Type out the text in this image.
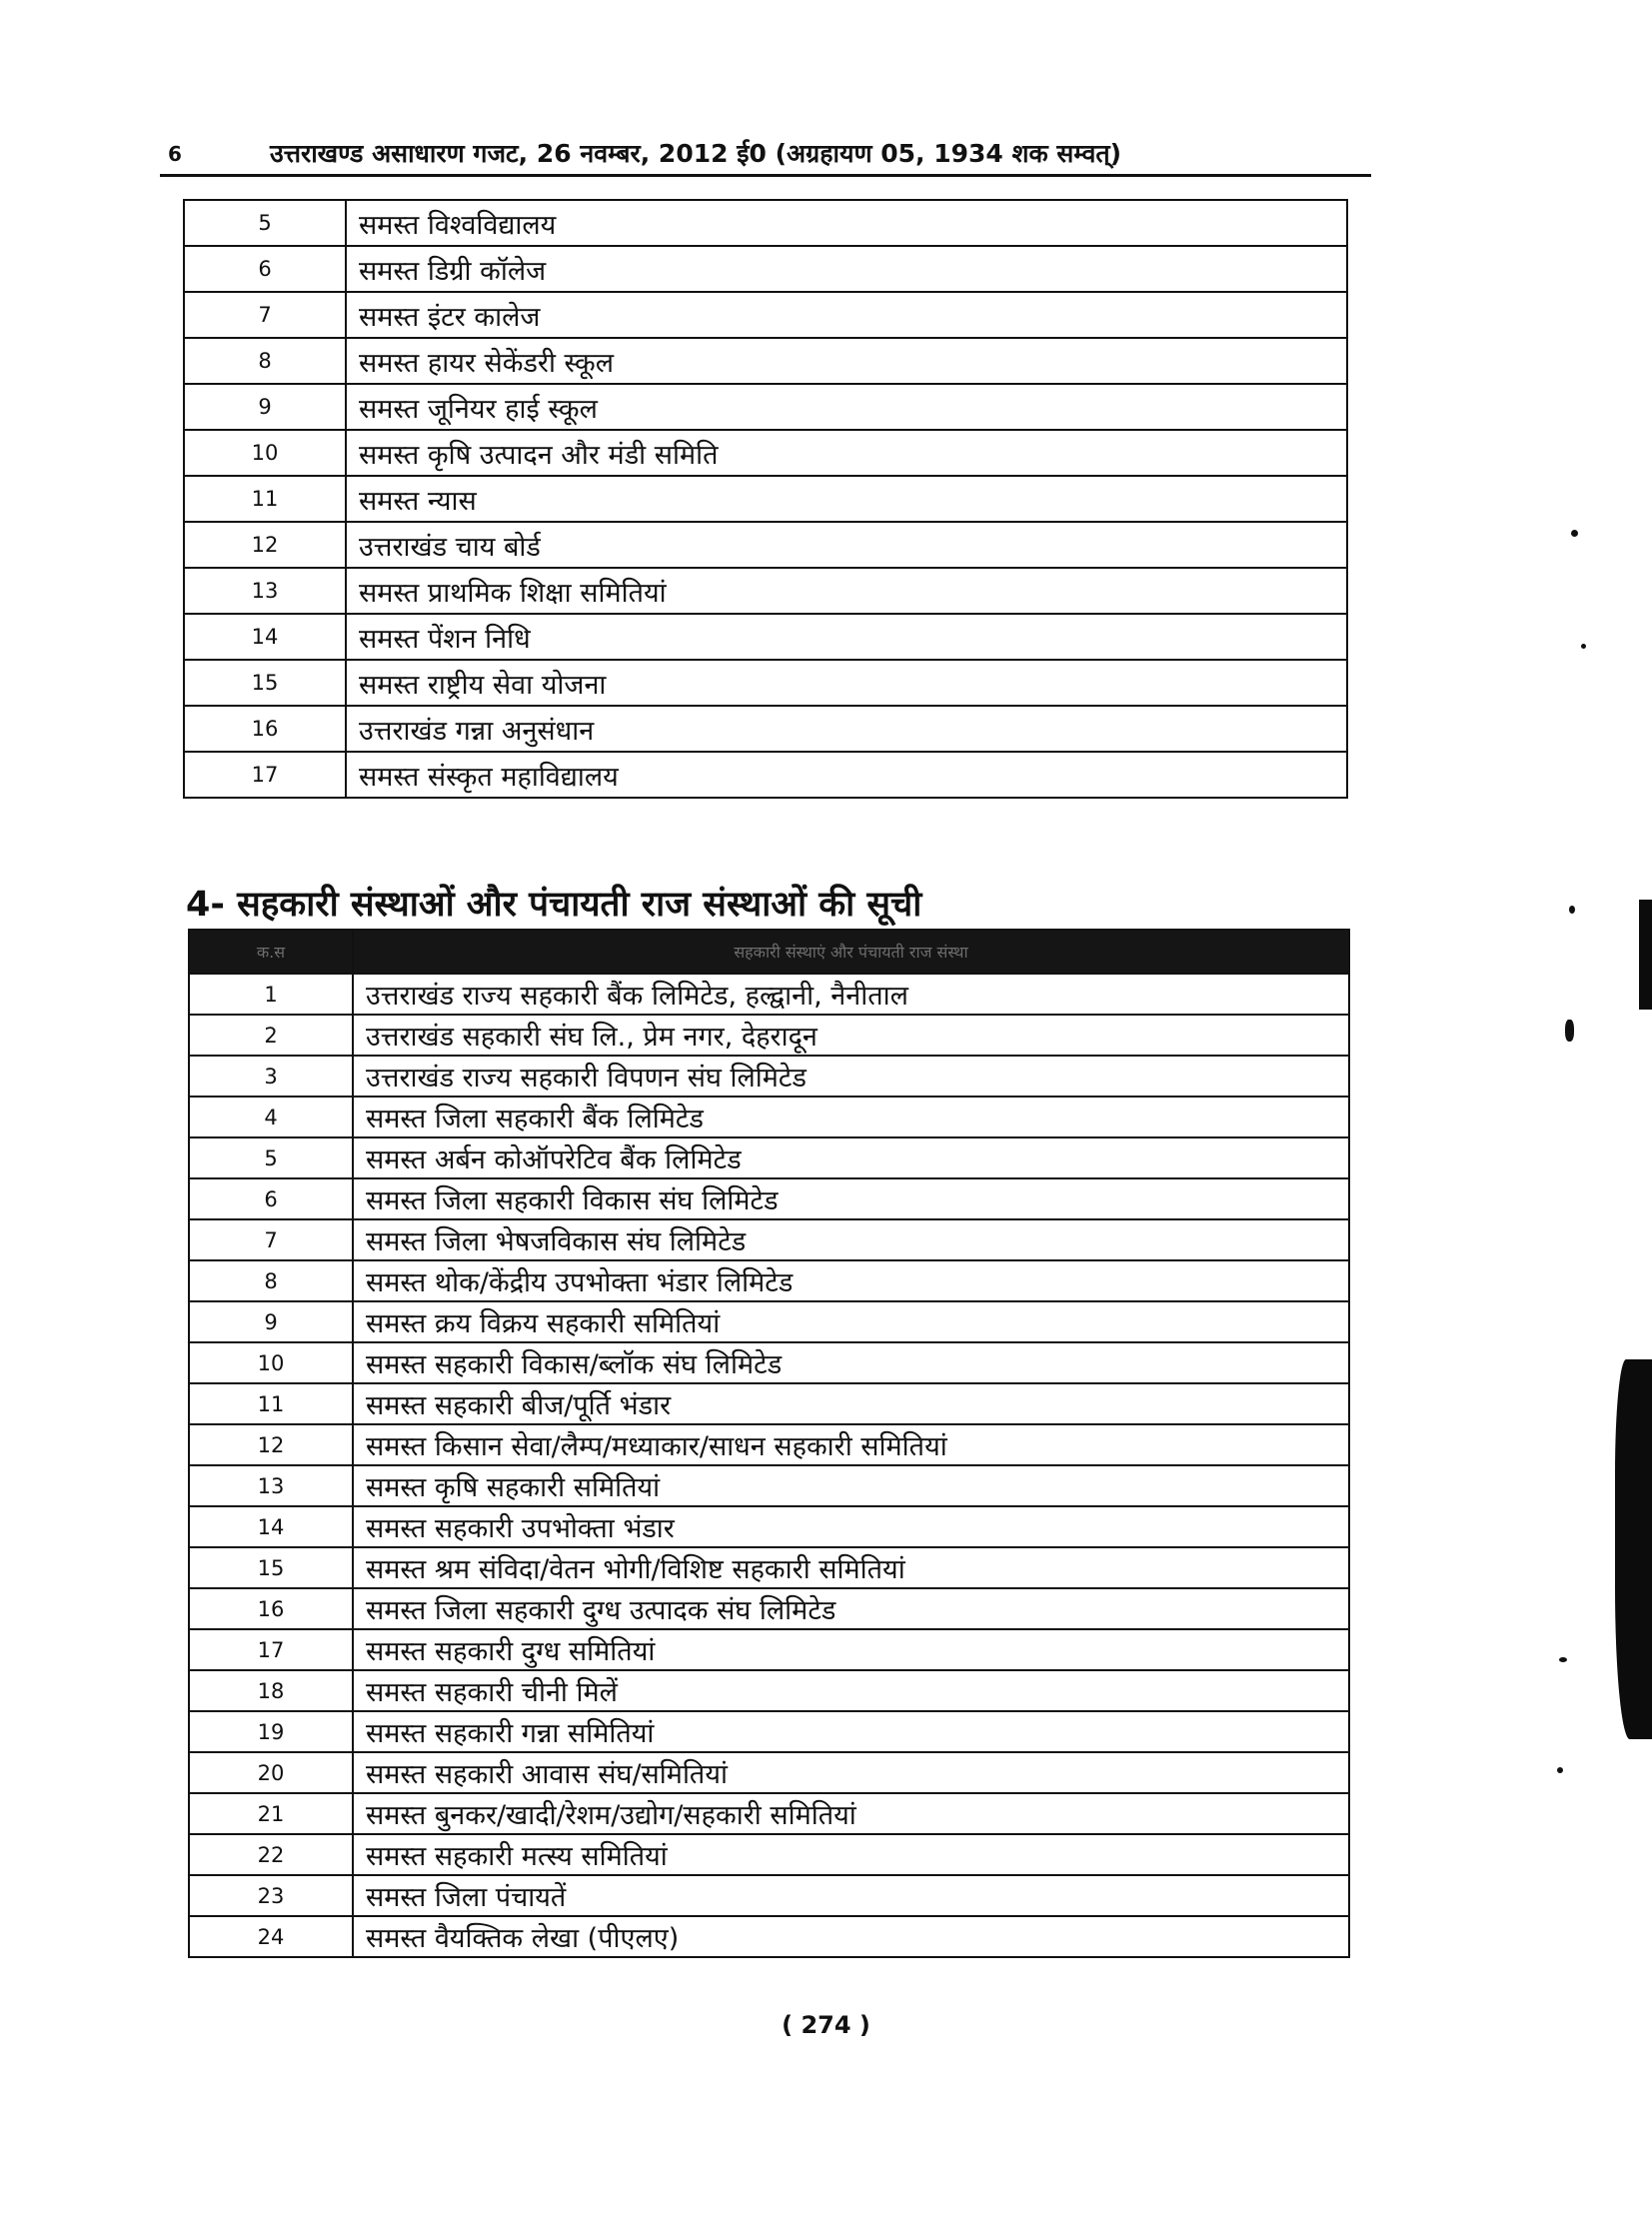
6	उत्तराखण्ड असाधारण गजट, 26 नवम्बर, 2012 ई0 (अग्रहायण 05, 1934 शक सम्वत्)
5	समस्त विश्वविद्यालय
6	समस्त डिग्री कॉलेज
7	समस्त इंटर कालेज
8	समस्त हायर सेकेंडरी स्कूल
9	समस्त जूनियर हाई स्कूल
10	समस्त कृषि उत्पादन और मंडी समिति
11	समस्त न्यास
12	उत्तराखंड चाय बोर्ड
13	समस्त प्राथमिक शिक्षा समितियां
14	समस्त पेंशन निधि
15	समस्त राष्ट्रीय सेवा योजना
16	उत्तराखंड गन्ना अनुसंधान
17	समस्त संस्कृत महाविद्यालय
4- सहकारी संस्थाओं और पंचायती राज संस्थाओं की सूची
क.स	सहकारी संस्थाएं और पंचायती राज संस्था
1	उत्तराखंड राज्य सहकारी बैंक लिमिटेड, हल्द्वानी, नैनीताल
2	उत्तराखंड सहकारी संघ लि., प्रेम नगर, देहरादून
3	उत्तराखंड राज्य सहकारी विपणन संघ लिमिटेड
4	समस्त जिला सहकारी बैंक लिमिटेड
5	समस्त अर्बन कोऑपरेटिव बैंक लिमिटेड
6	समस्त जिला सहकारी विकास संघ लिमिटेड
7	समस्त जिला भेषजविकास संघ लिमिटेड
8	समस्त थोक/केंद्रीय उपभोक्ता भंडार लिमिटेड
9	समस्त क्रय विक्रय सहकारी समितियां
10	समस्त सहकारी विकास/ब्लॉक संघ लिमिटेड
11	समस्त सहकारी बीज/पूर्ति भंडार
12	समस्त किसान सेवा/लैम्प/मध्याकार/साधन सहकारी समितियां
13	समस्त कृषि सहकारी समितियां
14	समस्त सहकारी उपभोक्ता भंडार
15	समस्त श्रम संविदा/वेतन भोगी/विशिष्ट सहकारी समितियां
16	समस्त जिला सहकारी दुग्ध उत्पादक संघ लिमिटेड
17	समस्त सहकारी दुग्ध समितियां
18	समस्त सहकारी चीनी मिलें
19	समस्त सहकारी गन्ना समितियां
20	समस्त सहकारी आवास संघ/समितियां
21	समस्त बुनकर/खादी/रेशम/उद्योग/सहकारी समितियां
22	समस्त सहकारी मत्स्य समितियां
23	समस्त जिला पंचायतें
24	समस्त वैयक्तिक लेखा (पीएलए)
( 274 )
